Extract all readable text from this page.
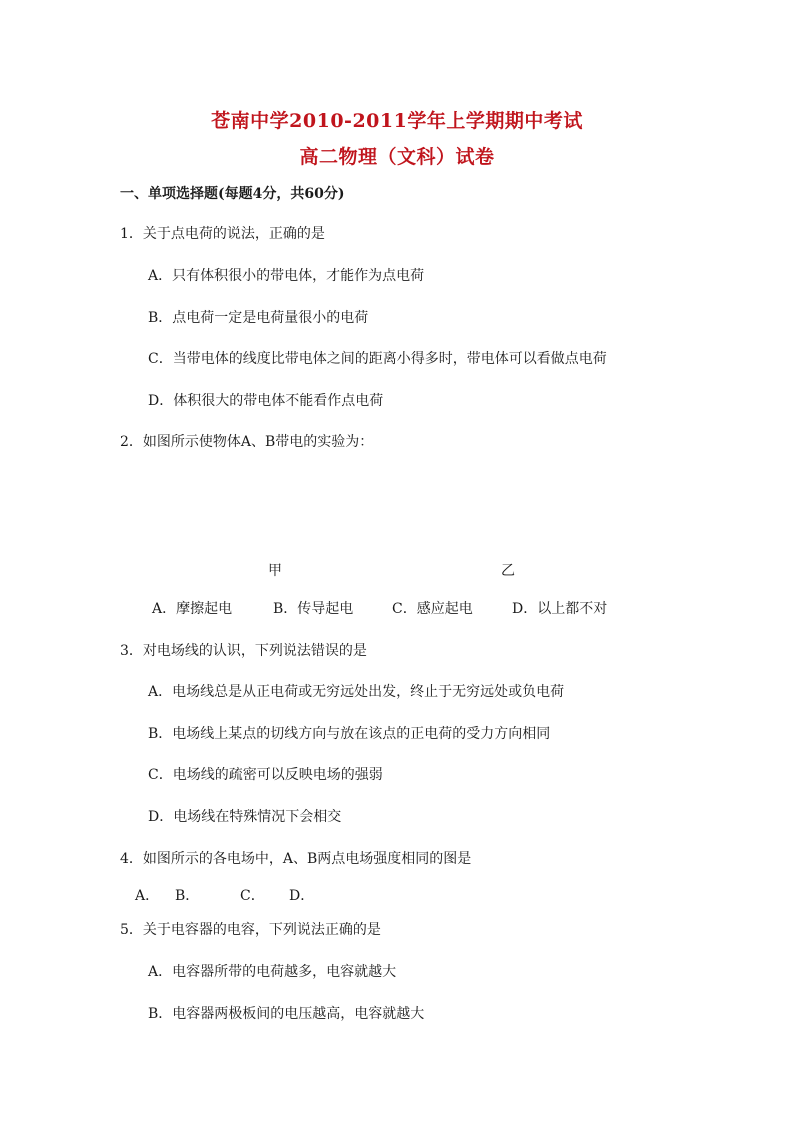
苍南中学2010-2011学年上学期期中考试
高二物理（文科）试卷
一、单项选择题(每题4分，共60分)
1．关于点电荷的说法，正确的是
A．只有体积很小的带电体，才能作为点电荷
B．点电荷一定是电荷量很小的电荷
C．当带电体的线度比带电体之间的距离小得多时，带电体可以看做点电荷
D．体积很大的带电体不能看作点电荷
2．如图所示使物体A、B带电的实验为：
甲	乙
A．摩擦起电	B．传导起电	C．感应起电	D．以上都不对
3．对电场线的认识，下列说法错误的是
A．电场线总是从正电荷或无穷远处出发，终止于无穷远处或负电荷
B．电场线上某点的切线方向与放在该点的正电荷的受力方向相同
C．电场线的疏密可以反映电场的强弱
D．电场线在特殊情况下会相交
4．如图所示的各电场中，A、B两点电场强度相同的图是
A． B．	C． D．
5．关于电容器的电容，下列说法正确的是
A．电容器所带的电荷越多，电容就越大
B．电容器两极板间的电压越高，电容就越大
